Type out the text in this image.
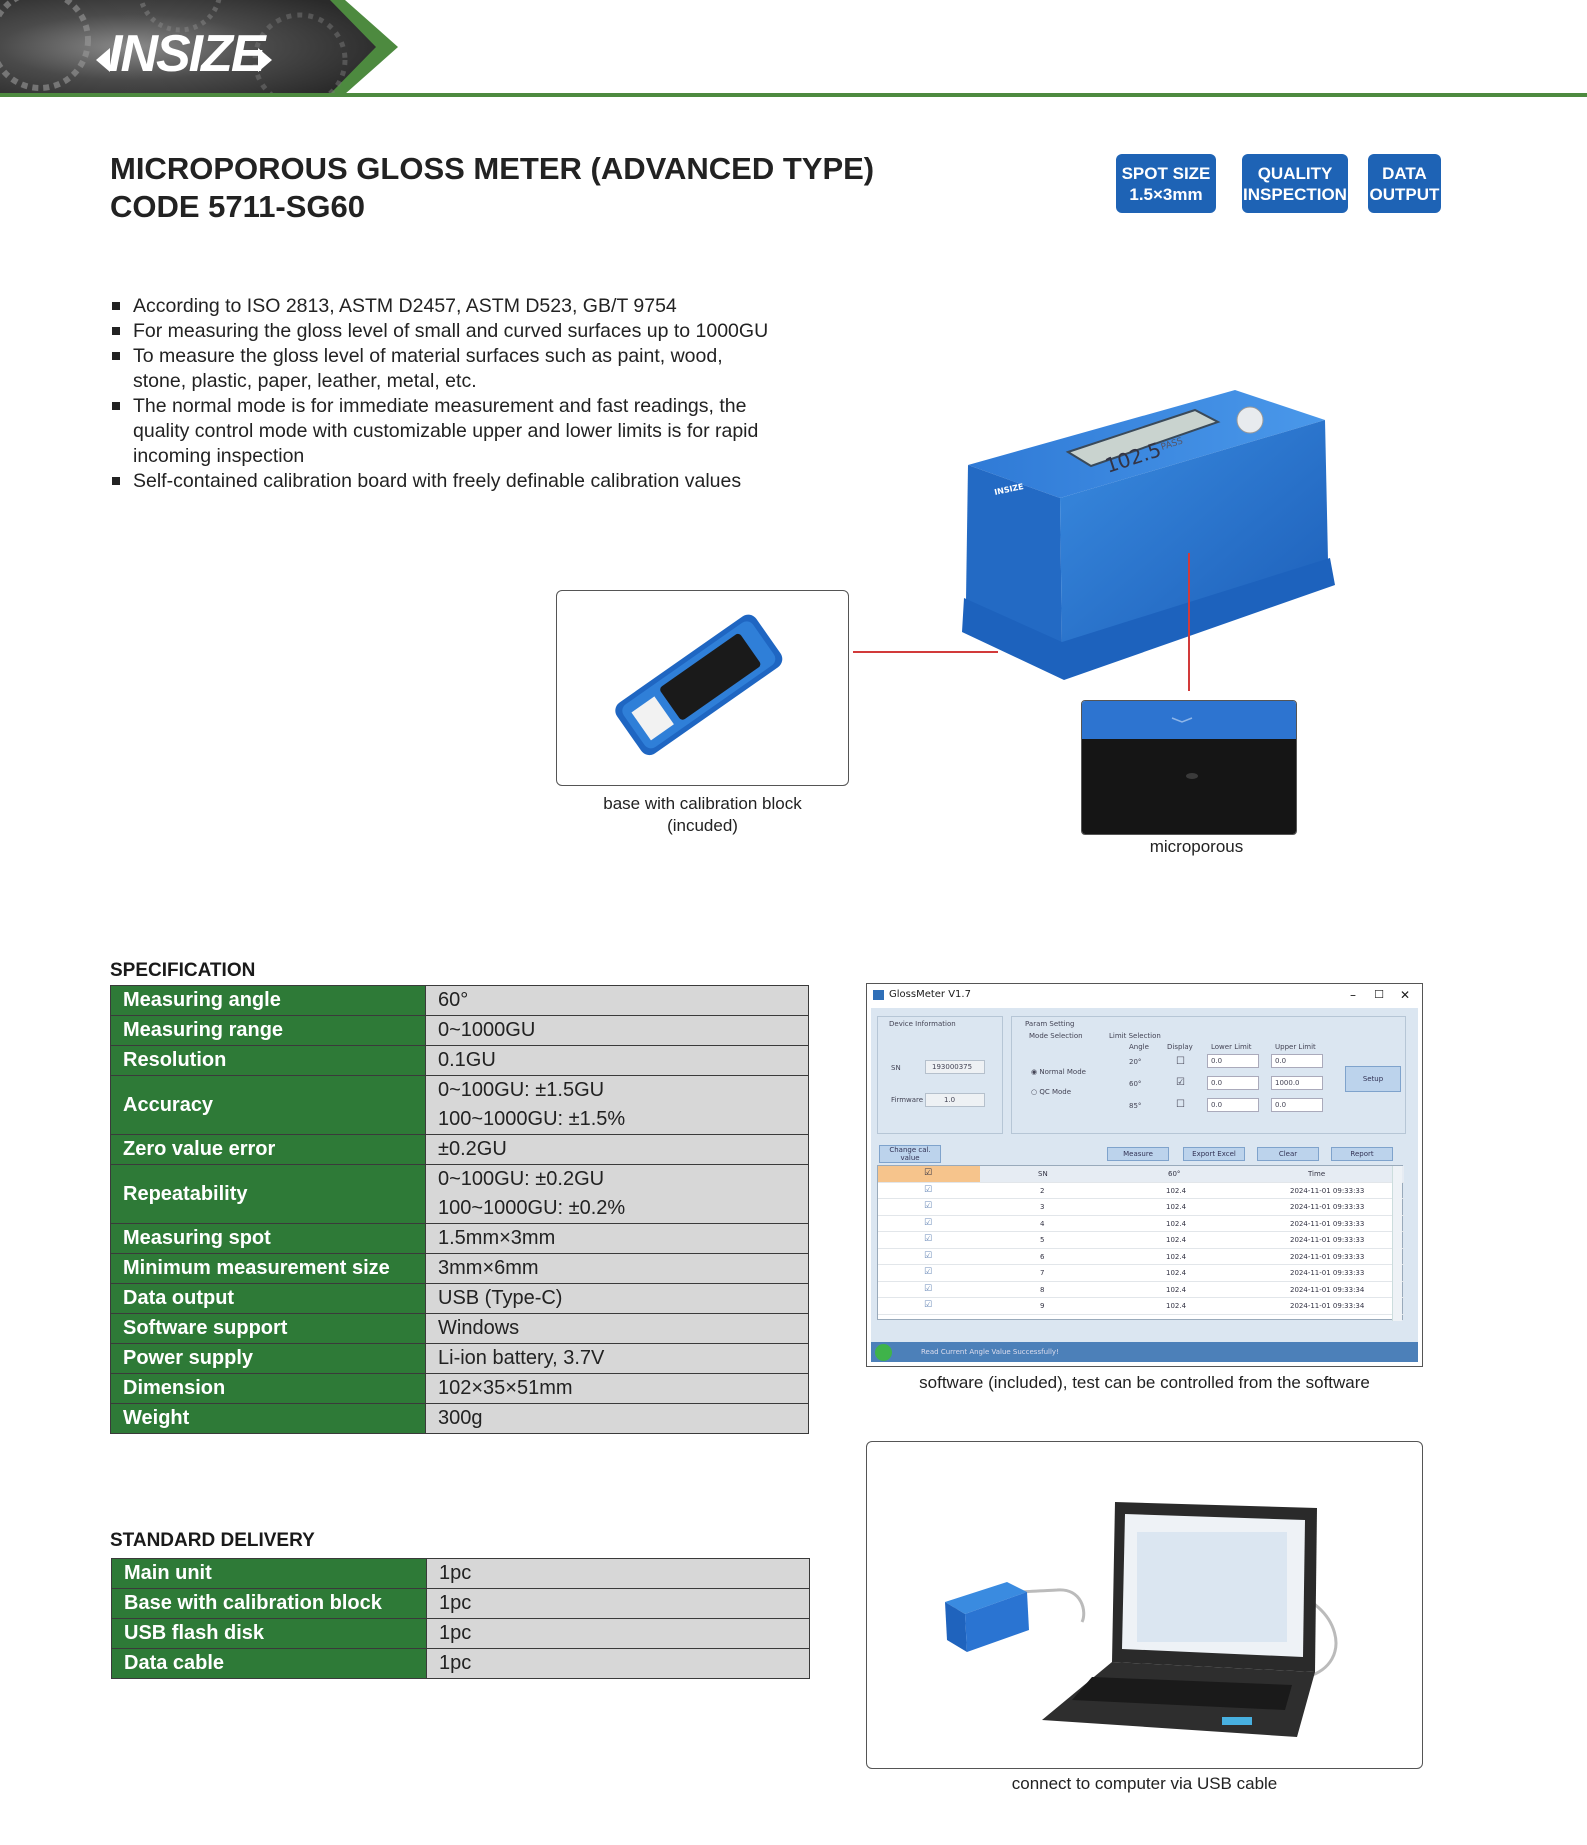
INSIZE
MICROPOROUS GLOSS METER (ADVANCED TYPE)
CODE 5711-SG60
SPOT SIZE
1.5×3mm
QUALITY
INSPECTION
DATA
OUTPUT
According to ISO 2813, ASTM D2457, ASTM D523, GB/T 9754
For measuring the gloss level of small and curved surfaces up to 1000GU
To measure the gloss level of material surfaces such as paint, wood, stone, plastic, paper, leather, metal, etc.
The normal mode is for immediate measurement and fast readings, the quality control mode with customizable upper and lower limits is for rapid incoming inspection
Self-contained calibration board with freely definable calibration values
102.5
PASS
INSIZE
base with calibration block
(incuded)
microporous
SPECIFICATION
Measuring angle	60°
Measuring range	0~1000GU
Resolution	0.1GU
Accuracy	0~100GU: ±1.5GU
	100~1000GU: ±1.5%
Zero value error	±0.2GU
Repeatability	0~100GU: ±0.2GU
	100~1000GU: ±0.2%
Measuring spot	1.5mm×3mm
Minimum measurement size	3mm×6mm
Data output	USB (Type-C)
Software support	Windows
Power supply	Li-ion battery, 3.7V
Dimension	102×35×51mm
Weight	300g
STANDARD DELIVERY
Main unit	1pc
Base with calibration block	1pc
USB flash disk	1pc
Data cable	1pc
GlossMeter V1.7	– ☐ ✕
Device Information
SN	193000375
Firmware	1.0
Param Setting
Mode Selection
◉ Normal Mode
○ QC Mode
Limit Selection
Angle	Display	Lower Limit	Upper Limit
20°	☐	0.0	0.0
60°	☑	0.0	1000.0
85°	☐	0.0	0.0
Setup
Change cal. value	Measure	Export Excel	Clear	Report
☑	SN	60°	Time
☑	2	102.4	2024-11-01 09:33:33
☑	3	102.4	2024-11-01 09:33:33
☑	4	102.4	2024-11-01 09:33:33
☑	5	102.4	2024-11-01 09:33:33
☑	6	102.4	2024-11-01 09:33:33
☑	7	102.4	2024-11-01 09:33:33
☑	8	102.4	2024-11-01 09:33:34
☑	9	102.4	2024-11-01 09:33:34
Read Current Angle Value Successfully!
software (included), test can be controlled from the software
connect to computer via USB cable
